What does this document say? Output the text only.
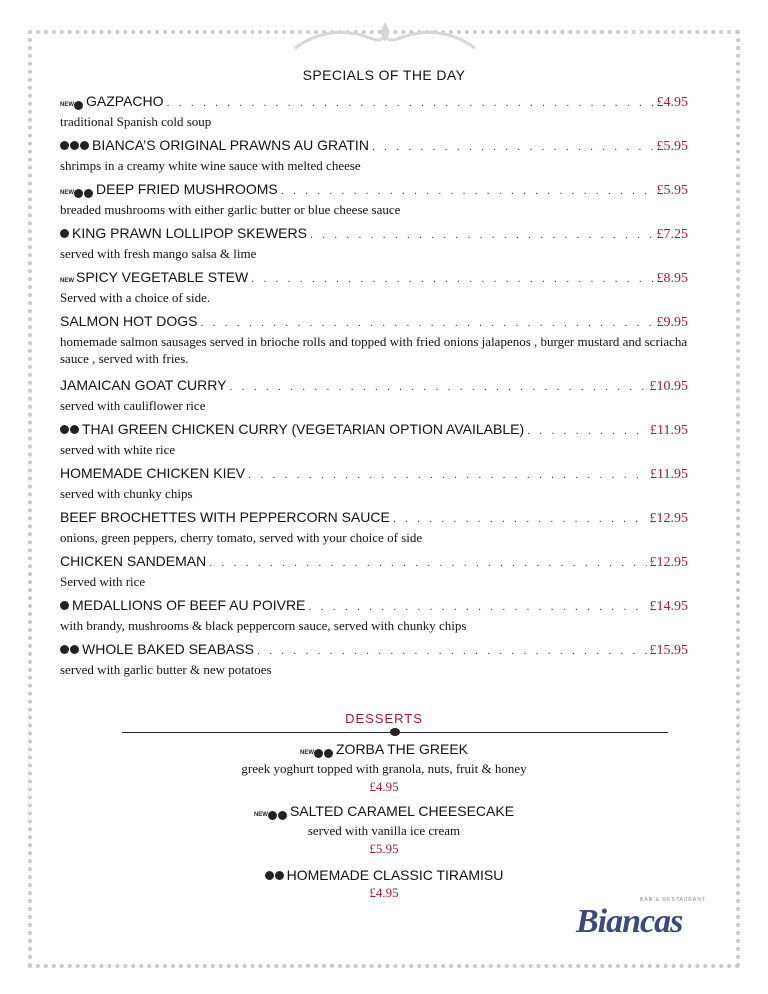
SPECIALS OF THE DAY
NEW GAZPACHO . . .	£4.95
traditional Spanish cold soup
BIANCA’S ORIGINAL PRAWNS AU GRATIN . . .	£5.95
shrimps in a creamy white wine sauce with melted cheese
NEW DEEP FRIED MUSHROOMS . . .	£5.95
breaded mushrooms with either garlic butter or blue cheese sauce
KING PRAWN LOLLIPOP SKEWERS . . .	£7.25
served with fresh mango salsa & lime
NEW SPICY VEGETABLE STEW . . .	£8.95
Served with a choice of side.
SALMON HOT DOGS . . .	£9.95
homemade salmon sausages served in brioche rolls and topped with fried onions jalapenos , burger mustard and scriacha sauce , served with fries.
JAMAICAN GOAT CURRY . . .	£10.95
served with cauliflower rice
THAI GREEN CHICKEN CURRY (VEGETARIAN OPTION AVAILABLE) . . .	£11.95
served with white rice
HOMEMADE CHICKEN KIEV . . .	£11.95
served with chunky chips
BEEF BROCHETTES WITH PEPPERCORN SAUCE . . .	£12.95
onions, green peppers, cherry tomato, served with your choice of side
CHICKEN SANDEMAN . . .	£12.95
Served with rice
MEDALLIONS OF BEEF AU POIVRE . . .	£14.95
with brandy, mushrooms & black peppercorn sauce, served with chunky chips
WHOLE BAKED SEABASS . . .	£15.95
served with garlic butter & new potatoes
DESSERTS
NEW ZORBA THE GREEK
greek yoghurt topped with granola, nuts, fruit & honey
£4.95
NEW SALTED CARAMEL CHEESECAKE
served with vanilla ice cream
£5.95
HOMEMADE CLASSIC TIRAMISU
£4.95	BAR & RESTAURANT
Biancas
